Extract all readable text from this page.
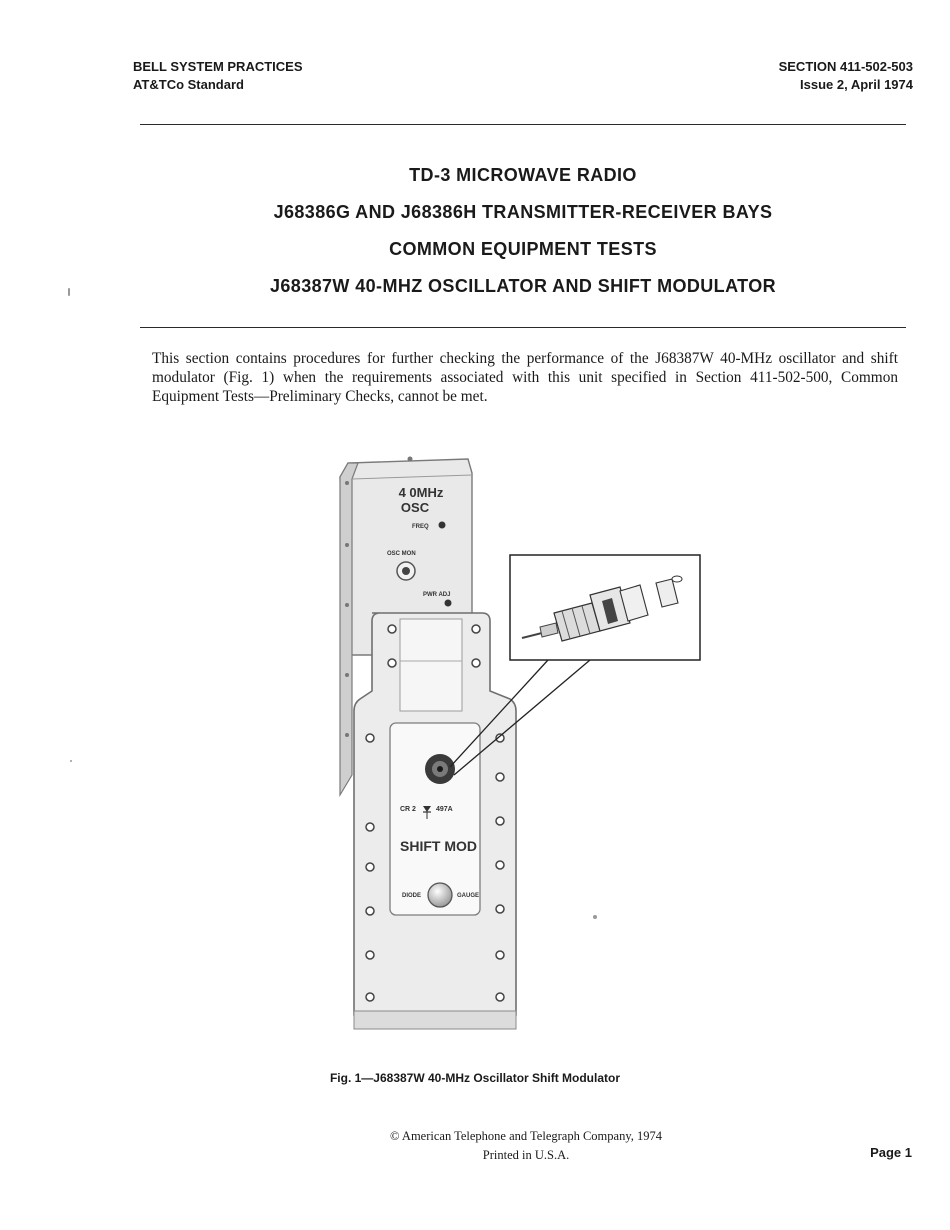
BELL SYSTEM PRACTICES
AT&TCo Standard
SECTION 411-502-503
Issue 2, April 1974
TD-3 MICROWAVE RADIO
J68386G AND J68386H TRANSMITTER-RECEIVER BAYS
COMMON EQUIPMENT TESTS
J68387W 40-MHZ OSCILLATOR AND SHIFT MODULATOR
This section contains procedures for further checking the performance of the J68387W 40-MHz oscillator and shift modulator (Fig. 1) when the requirements associated with this unit specified in Section 411-502-500, Common Equipment Tests—Preliminary Checks, cannot be met.
4 0MHz
OSC
FREQ
OSC MON
PWR ADJ
CR 2	497A
SHIFT MOD
DIODE	GAUGE
Fig. 1—J68387W 40-MHz Oscillator Shift Modulator
© American Telephone and Telegraph Company, 1974
Printed in U.S.A.	Page 1
